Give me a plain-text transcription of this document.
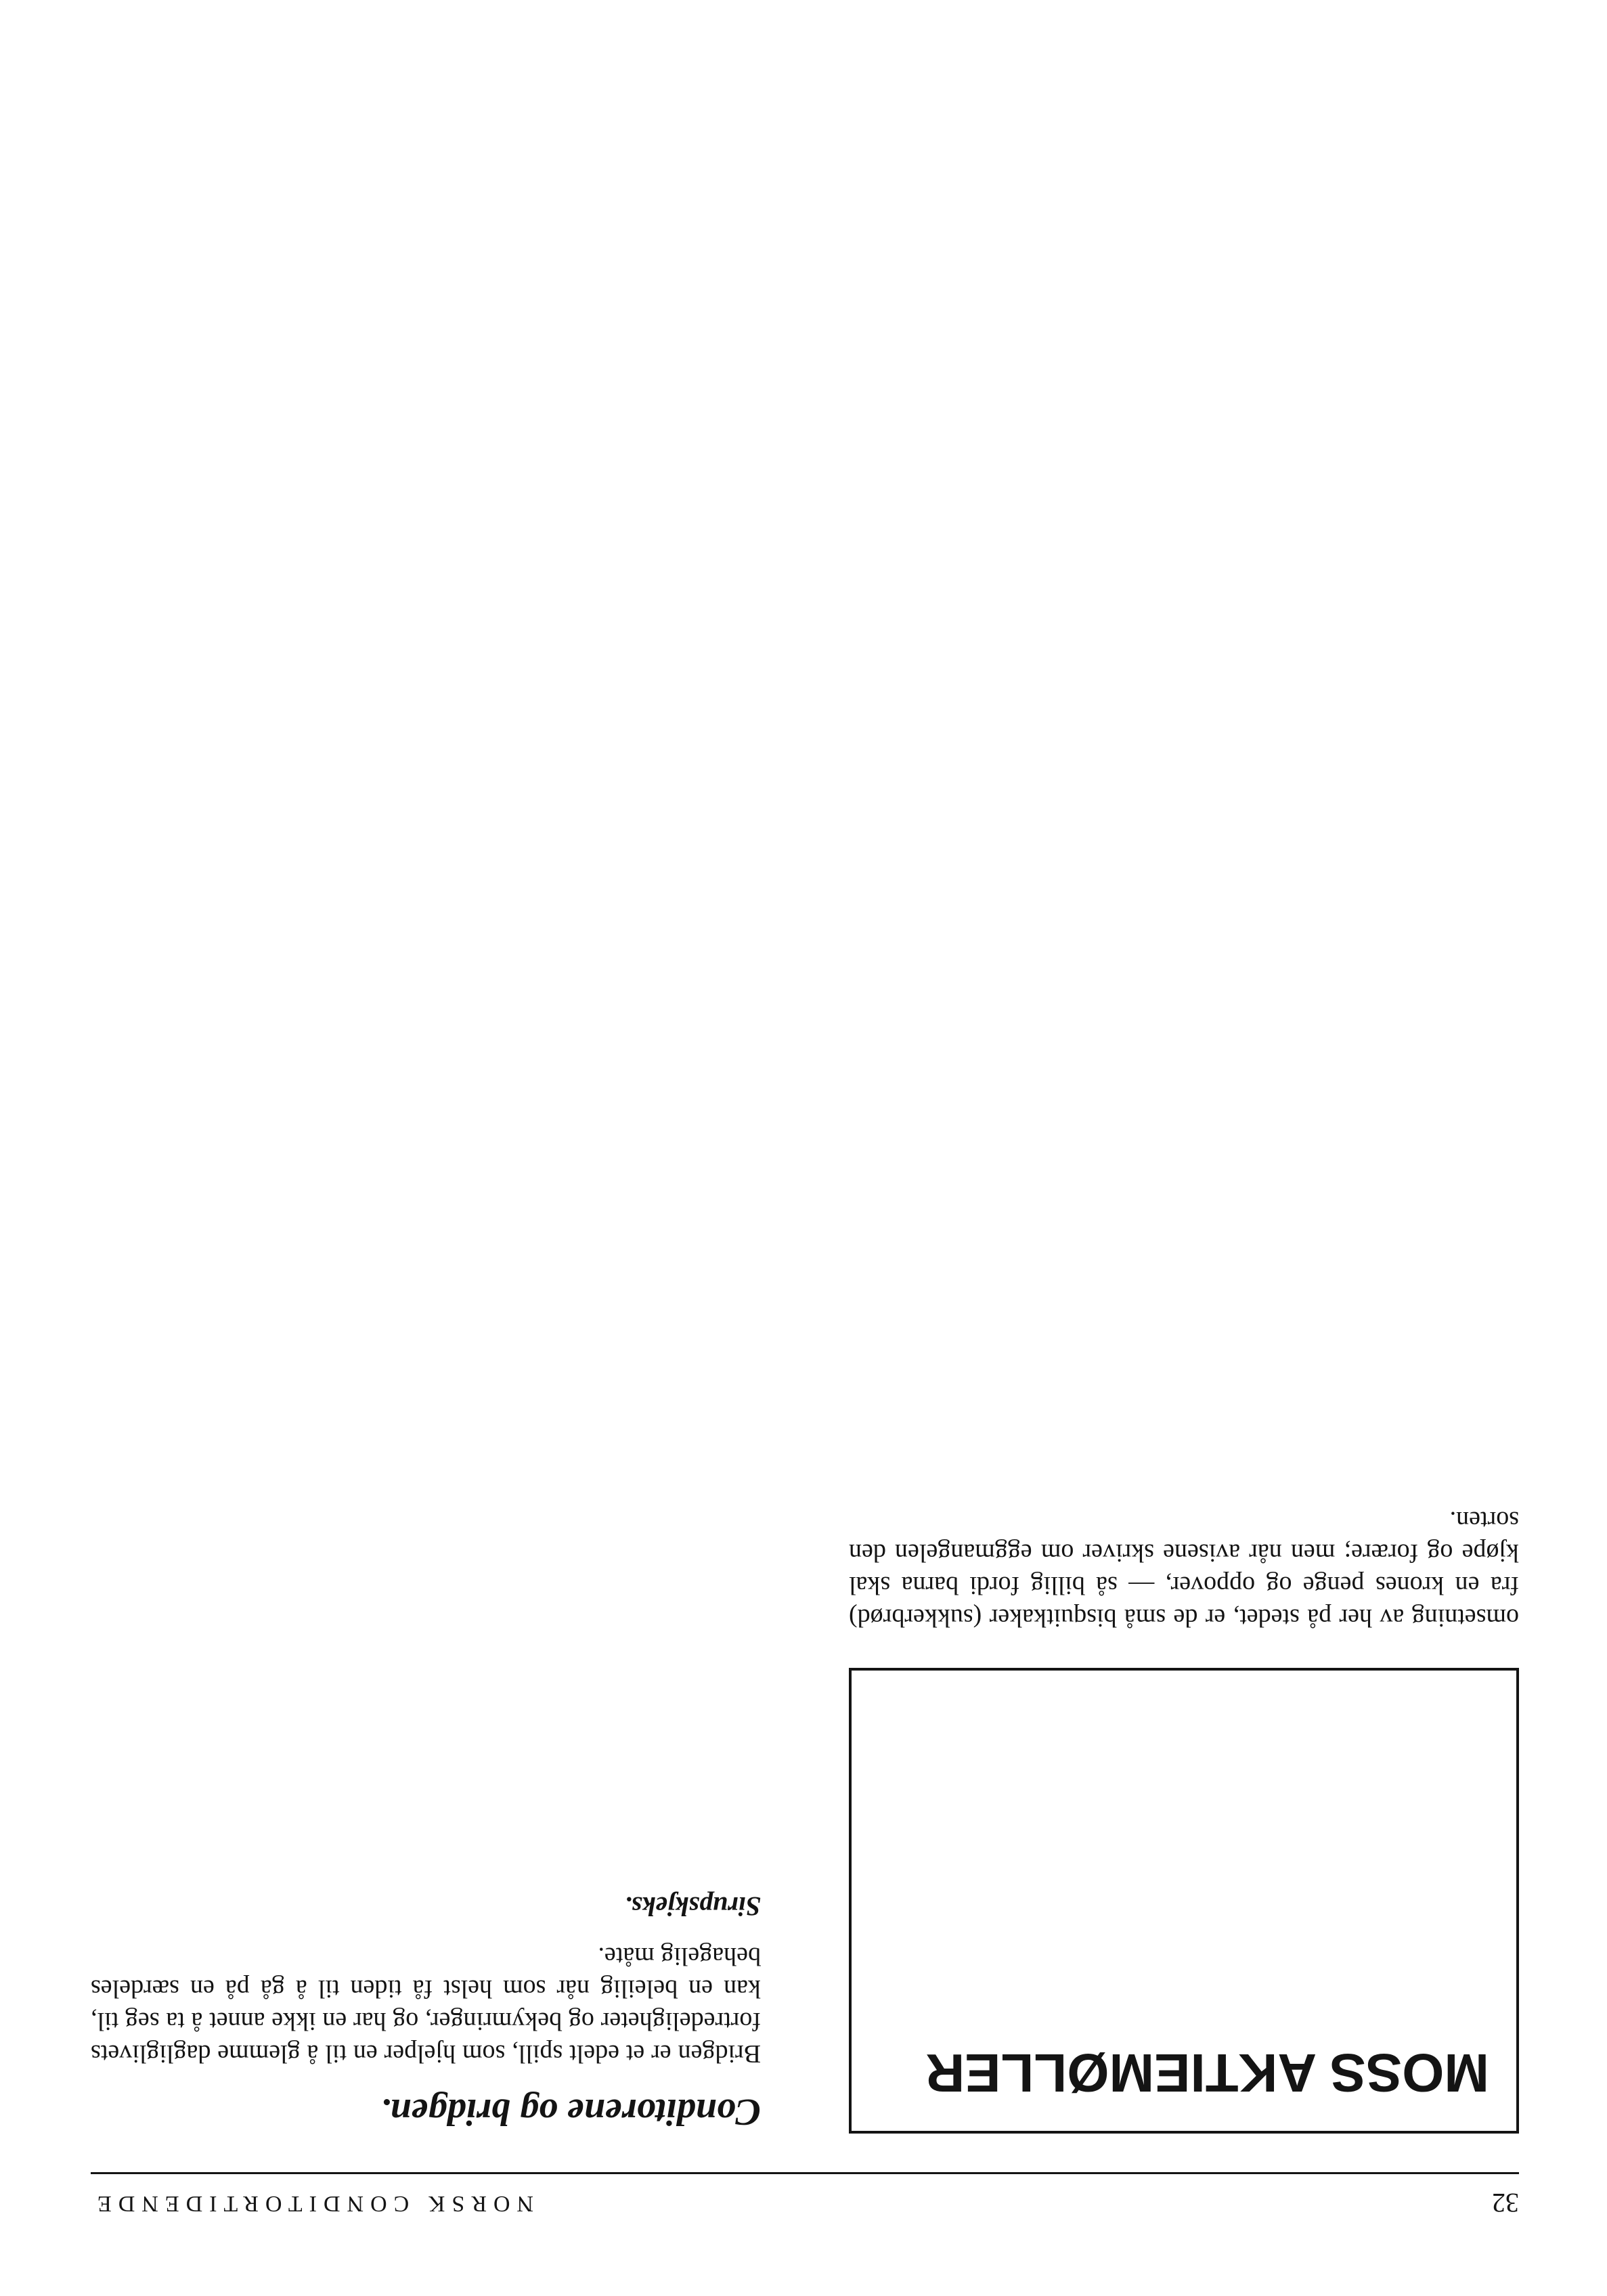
32
NORSK CONDITORTIDENDE
MOSS AKTIEMØLLER

omsetning av her på stedet, er de små bisquitkaker (sukkerbrød) fra en krones penge og oppover, — så billig fordi barna skal kjøpe og forære; men når avisene skriver om eggmangelen den sorten.

Conditorene og bridgen.

Bridgen er et edelt spill, som hjelper en til å glemme dagliglivets fortredeligheter og bekymringer, og har en ikke annet å ta seg til, kan en beleilig når som helst få tiden til å gå på en særdeles behagelig måte.

Sirupskjeks.
